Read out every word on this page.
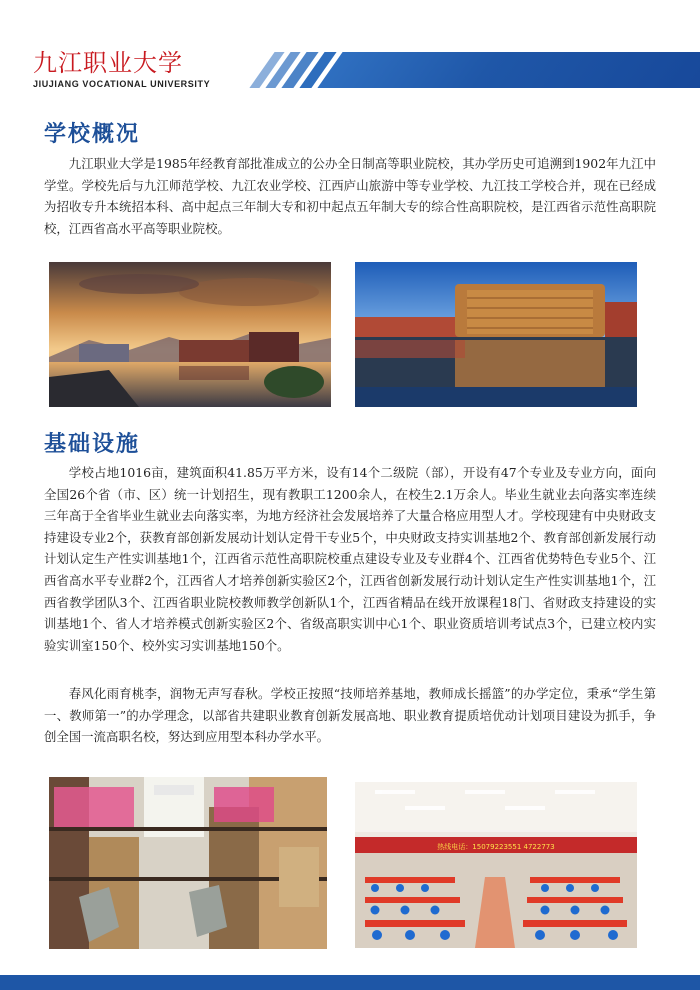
九江职业大学
JIUJIANG VOCATIONAL UNIVERSITY
学校概况

九江职业大学是1985年经教育部批准成立的公办全日制高等职业院校，其办学历史可追溯到1902年九江中学堂。学校先后与九江师范学校、九江农业学校、江西庐山旅游中等专业学校、九江技工学校合并，现在已经成为招收专升本统招本科、高中起点三年制大专和初中起点五年制大专的综合性高职院校，是江西省示范性高职院校，江西省高水平高等职业院校。

基础设施

学校占地1016亩，建筑面积41.85万平方米，设有14个二级院（部），开设有47个专业及专业方向，面向全国26个省（市、区）统一计划招生，现有教职工1200余人，在校生2.1万余人。毕业生就业去向落实率连续三年高于全省毕业生就业去向落实率，为地方经济社会发展培养了大量合格应用型人才。学校现建有中央财政支持建设专业2个，获教育部创新发展动计划认定骨干专业5个，中央财政支持实训基地2个、教育部创新发展行动计划认定生产性实训基地1个，江西省示范性高职院校重点建设专业及专业群4个、江西省优势特色专业5个、江西省高水平专业群2个，江西省人才培养创新实验区2个，江西省创新发展行动计划认定生产性实训基地1个，江西省教学团队3个、江西省职业院校教师教学创新队1个，江西省精品在线开放课程18门、省财政支持建设的实训基地1个、省人才培养模式创新实验区2个、省级高职实训中心1个、职业资质培训考试点3个，已建立校内实验实训室150个、校外实习实训基地150个。

春风化雨育桃李，润物无声写春秋。学校正按照“技师培养基地，教师成长摇篮”的办学定位，秉承“学生第一、教师第一”的办学理念，以部省共建职业教育创新发展高地、职业教育提质培优动计划项目建设为抓手，争创全国一流高职名校，努达到应用型本科办学水平。

热线电话：15079223551 4722773
